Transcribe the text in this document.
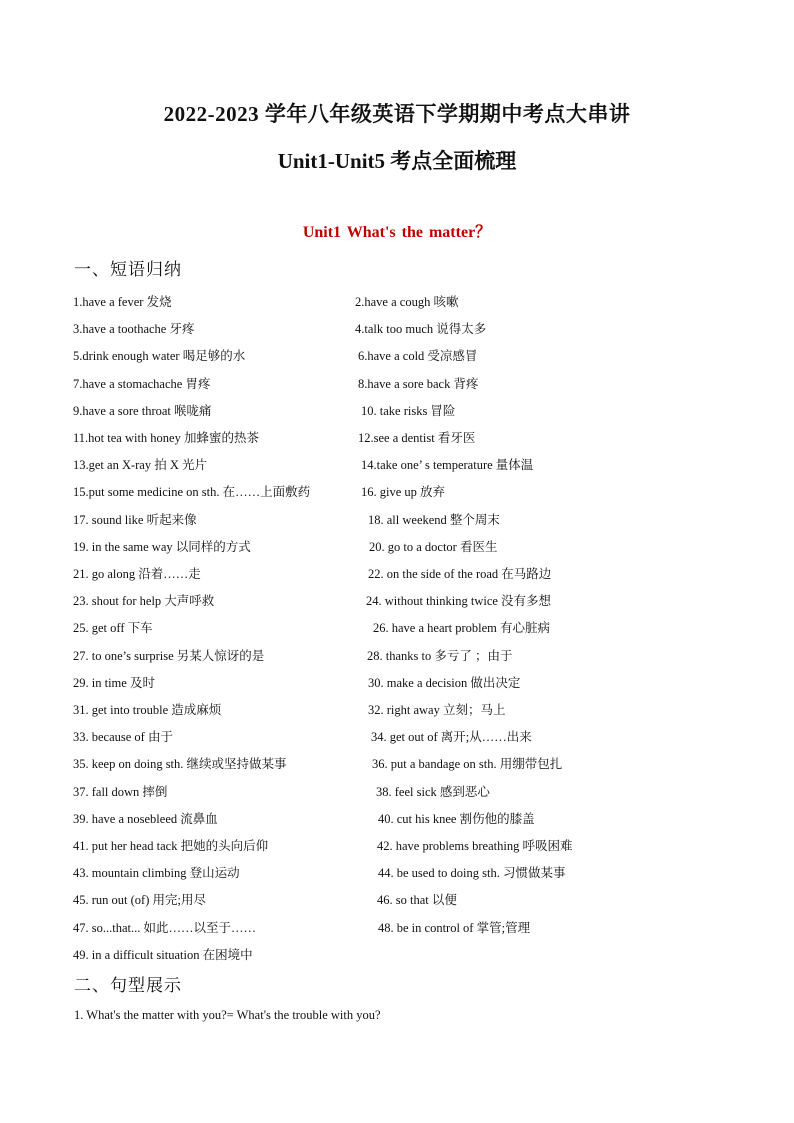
2022-2023 学年八年级英语下学期期中考点大串讲
Unit1-Unit5 考点全面梳理
Unit1 What's the matter？
一、短语归纳
1.have a fever 发烧	2.have a cough 咳嗽
3.have a toothache 牙疼	4.talk too much 说得太多
5.drink enough water 喝足够的水	6.have a cold 受凉感冒
7.have a stomachache 胃疼	8.have a sore back 背疼
9.have a sore throat 喉咙痛	10. take risks 冒险
11.hot tea with honey 加蜂蜜的热茶	12.see a dentist 看牙医
13.get an X-ray 拍 X 光片	14.take one’ s temperature 量体温
15.put some medicine on sth. 在……上面敷药	16. give up 放弃
17. sound like 听起来像	18. all weekend 整个周末
19. in the same way 以同样的方式	20. go to a doctor 看医生
21. go along 沿着……走	22. on the side of the road 在马路边
23. shout for help 大声呼救	24. without thinking twice 没有多想
25. get off 下车	26. have a heart problem 有心脏病
27. to one’s surprise 另某人惊讶的是	28. thanks to 多亏了 ；由于
29. in time 及时	30. make a decision 做出决定
31. get into trouble 造成麻烦	32. right away 立刻；马上
33. because of 由于	34. get out of 离开;从……出来
35. keep on doing sth. 继续或坚持做某事	36. put a bandage on sth. 用绷带包扎
37. fall down 摔倒	38. feel sick 感到恶心
39. have a nosebleed 流鼻血	40. cut his knee 割伤他的膝盖
41. put her head tack 把她的头向后仰	42. have problems breathing 呼吸困难
43. mountain climbing 登山运动	44. be used to doing sth. 习惯做某事
45. run out (of) 用完;用尽	46. so that 以便
47. so...that... 如此……以至于……	48. be in control of 掌管;管理
49. in a difficult situation 在困境中
二、句型展示
1. What's the matter with you?= What's the trouble with you?
